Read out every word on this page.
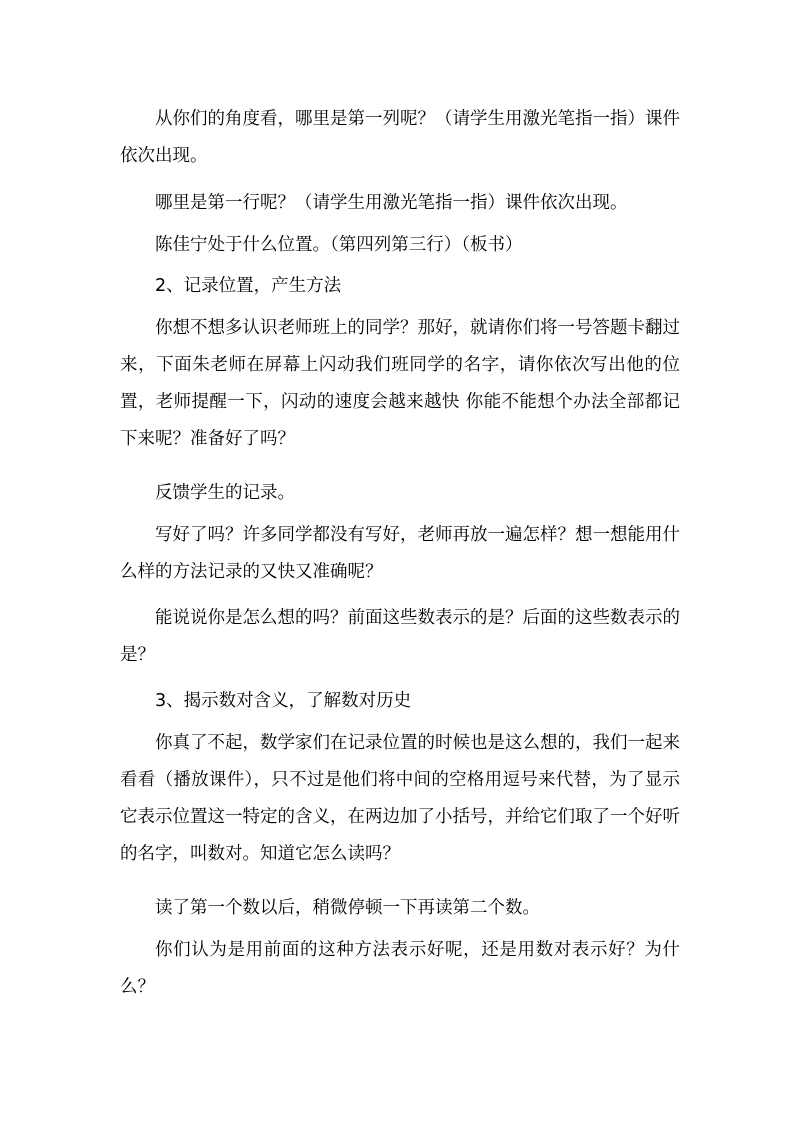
从你们的角度看，哪里是第一列呢？（请学生用激光笔指一指）课件依次出现。

哪里是第一行呢？（请学生用激光笔指一指）课件依次出现。

陈佳宁处于什么位置。（第四列第三行）（板书）

2、记录位置，产生方法

你想不想多认识老师班上的同学？那好，就请你们将一号答题卡翻过来，下面朱老师在屏幕上闪动我们班同学的名字，请你依次写出他的位置，老师提醒一下，闪动的速度会越来越快 你能不能想个办法全部都记下来呢？准备好了吗？

反馈学生的记录。

写好了吗？许多同学都没有写好，老师再放一遍怎样？想一想能用什么样的方法记录的又快又准确呢？

能说说你是怎么想的吗？前面这些数表示的是？后面的这些数表示的是？

3、揭示数对含义，了解数对历史

你真了不起，数学家们在记录位置的时候也是这么想的，我们一起来看看（播放课件），只不过是他们将中间的空格用逗号来代替，为了显示它表示位置这一特定的含义，在两边加了小括号，并给它们取了一个好听的名字，叫数对。知道它怎么读吗？

读了第一个数以后，稍微停顿一下再读第二个数。

你们认为是用前面的这种方法表示好呢，还是用数对表示好？为什么？
